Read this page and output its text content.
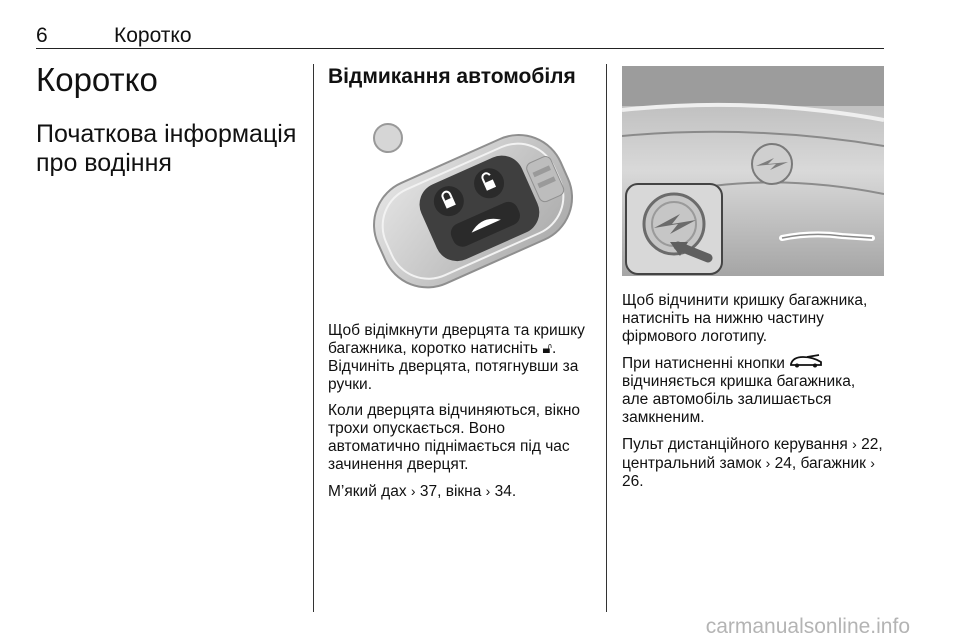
6	Коротко
Коротко
Початкова інформація про водіння
Відмикання автомобіля

Щоб відімкнути дверцята та кришку багажника, коротко натисніть 🔓︎. Відчиніть дверцята, потягнувши за ручки.

Коли дверцята відчиняються, вікно трохи опускається. Воно автоматично піднімається під час зачинення дверцят.

М’який дах › 37, вікна › 34.

Щоб відчинити кришку багажника, натисніть на нижню частину фірмового логотипу.

При натисненні кнопки  відчиняється кришка багажника, але автомобіль залишається замкненим.

Пульт дистанційного керування › 22, центральний замок › 24, багажник › 26.

carmanualsonline.info
